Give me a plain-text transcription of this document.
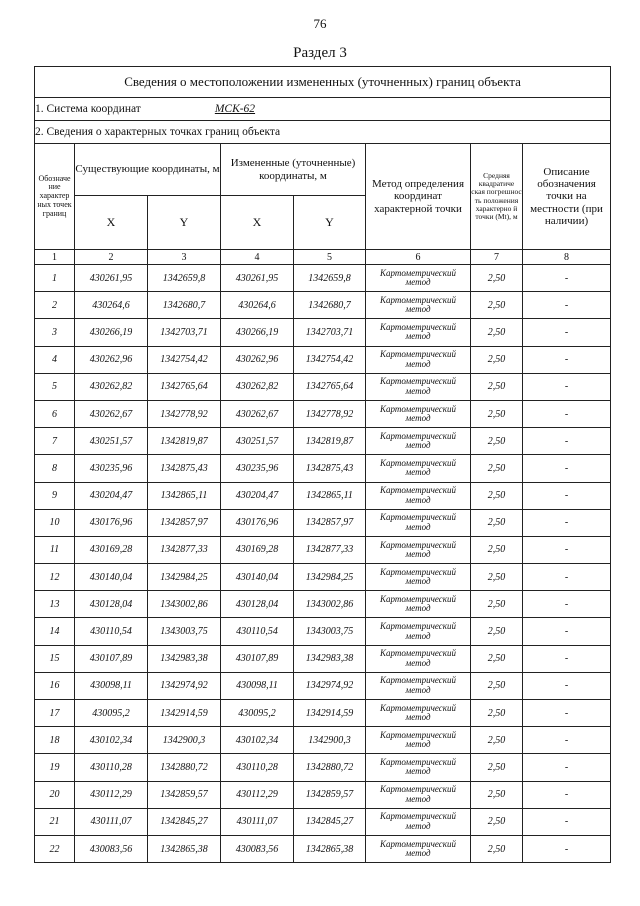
76
Раздел 3
Сведения о местоположении измененных (уточненных) границ объекта							
1. Система координат МСК-62							
2. Сведения о характерных точках границ объекта							
Обозначе ние характер ных точек границ	Существующие координаты, м		Измененные (уточненные) координаты, м		Метод определения координат характерной точки	Средняя квадратиче ская погрешнос ть положения характерно й точки (Mt), м	Описание обозначения точки на местности (при наличии)
	X	Y	X	Y			
1	2	3	4	5	6	7	8
1	430261,95	1342659,8	430261,95	1342659,8	Картометрический метод	2,50	-
2	430264,6	1342680,7	430264,6	1342680,7	Картометрический метод	2,50	-
3	430266,19	1342703,71	430266,19	1342703,71	Картометрический метод	2,50	-
4	430262,96	1342754,42	430262,96	1342754,42	Картометрический метод	2,50	-
5	430262,82	1342765,64	430262,82	1342765,64	Картометрический метод	2,50	-
6	430262,67	1342778,92	430262,67	1342778,92	Картометрический метод	2,50	-
7	430251,57	1342819,87	430251,57	1342819,87	Картометрический метод	2,50	-
8	430235,96	1342875,43	430235,96	1342875,43	Картометрический метод	2,50	-
9	430204,47	1342865,11	430204,47	1342865,11	Картометрический метод	2,50	-
10	430176,96	1342857,97	430176,96	1342857,97	Картометрический метод	2,50	-
11	430169,28	1342877,33	430169,28	1342877,33	Картометрический метод	2,50	-
12	430140,04	1342984,25	430140,04	1342984,25	Картометрический метод	2,50	-
13	430128,04	1343002,86	430128,04	1343002,86	Картометрический метод	2,50	-
14	430110,54	1343003,75	430110,54	1343003,75	Картометрический метод	2,50	-
15	430107,89	1342983,38	430107,89	1342983,38	Картометрический метод	2,50	-
16	430098,11	1342974,92	430098,11	1342974,92	Картометрический метод	2,50	-
17	430095,2	1342914,59	430095,2	1342914,59	Картометрический метод	2,50	-
18	430102,34	1342900,3	430102,34	1342900,3	Картометрический метод	2,50	-
19	430110,28	1342880,72	430110,28	1342880,72	Картометрический метод	2,50	-
20	430112,29	1342859,57	430112,29	1342859,57	Картометрический метод	2,50	-
21	430111,07	1342845,27	430111,07	1342845,27	Картометрический метод	2,50	-
22	430083,56	1342865,38	430083,56	1342865,38	Картометрический метод	2,50	-
